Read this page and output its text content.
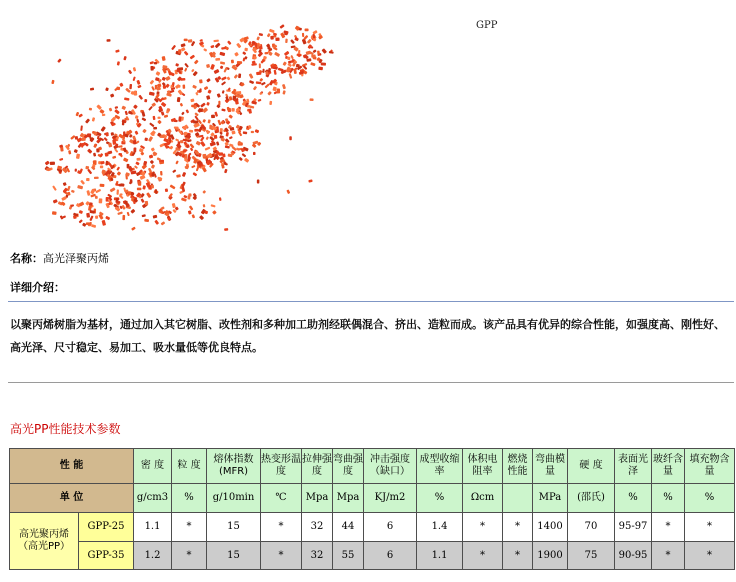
GPP
名称：高光泽聚丙烯
详细介绍：
以聚丙烯树脂为基材，通过加入其它树脂、改性剂和多种加工助剂经联偶混合、挤出、造粒而成。该产品具有优异的综合性能，如强度高、刚性好、高光泽、尺寸稳定、易加工、吸水量低等优良特点。
高光PP性能技术参数
性 能		密 度	粒 度	熔体指数(MFR)	热变形温度	拉伸强度	弯曲强度	冲击强度（缺口）	成型收缩率	体积电阻率	燃烧性能	弯曲模量	硬 度	表面光泽	玻纤含量	填充物含量
单 位		g/cm3	%	g/10min	℃	Mpa	Mpa	KJ/m2	%	Ωcm		MPa	(邵氏)	%	%	%
高光聚丙烯（高光PP）	GPP-25	1.1	*	15	*	32	44	6	1.4	*	*	1400	70	95-97	*	*
	GPP-35	1.2	*	15	*	32	55	6	1.1	*	*	1900	75	90-95	*	*
